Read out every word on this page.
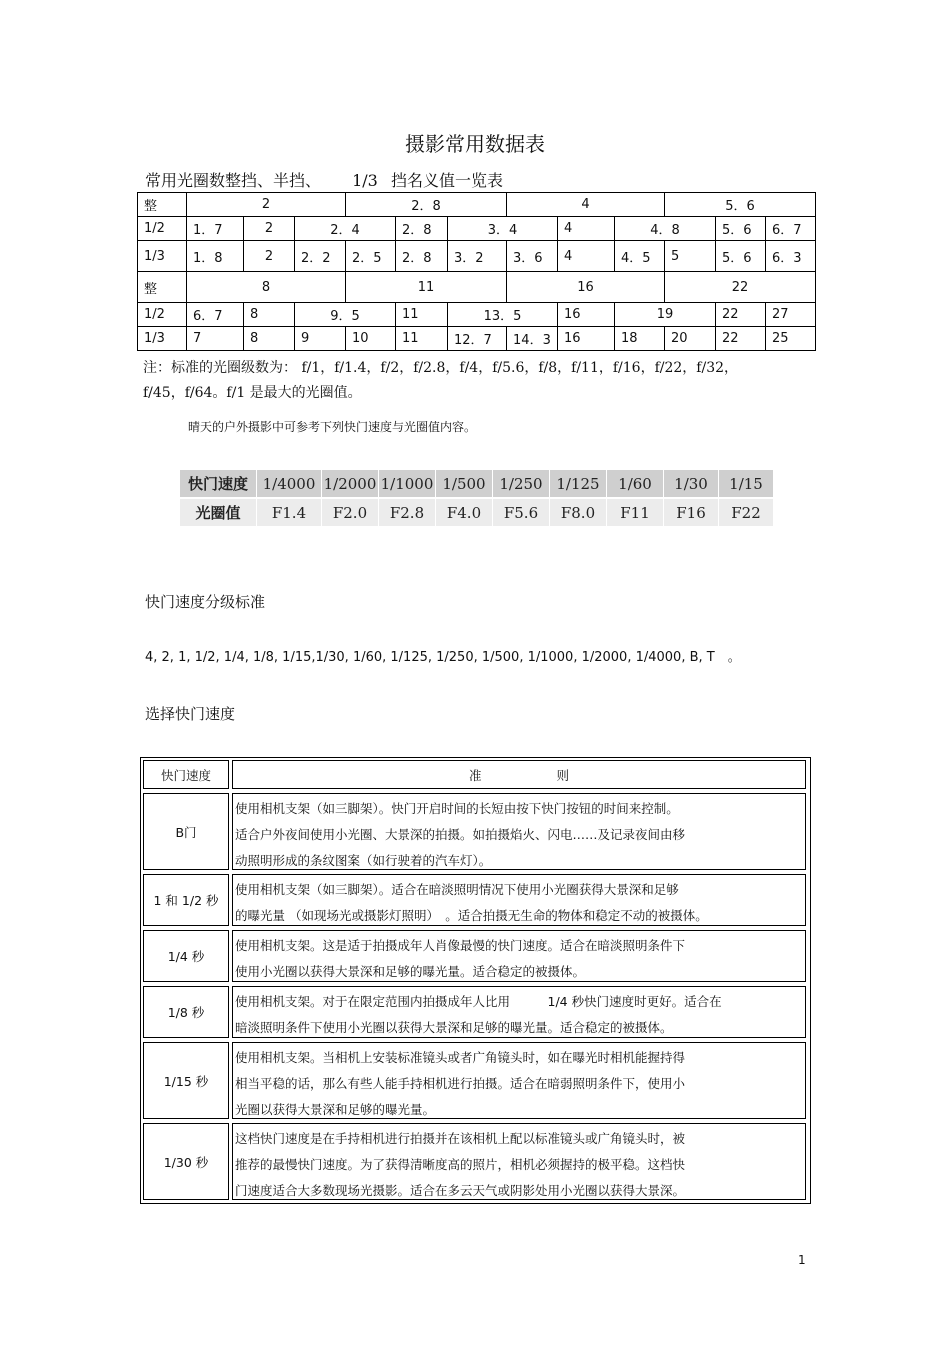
摄影常用数据表
常用光圈数整挡、半挡、 1/3 挡名义值一览表
整	2			2．8			4			5．6		
1/2	1．7	2	2．4		2．8	3．4		4	4．8		5．6	6．7
1/3	1．8	2	2．2	2．5	2．8	3．2	3．6	4	4．5	5	5．6	6．3
整	8			11			16			22		
1/2	6．7	8	9．5		11	13．5		16	19		22	27
1/3	7	8	9	10	11	12．7	14．3	16	18	20	22	25
注：标准的光圈级数为： f/1，f/1.4，f/2，f/2.8，f/4，f/5.6，f/8，f/11，f/16，f/22，f/32，
f/45，f/64。f/1 是最大的光圈值。
晴天的户外摄影中可参考下列快门速度与光圈值内容。
快门速度	1/4000	1/2000	1/1000	1/500	1/250	1/125	1/60	1/30	1/15
光圈值	F1.4	F2.0	F2.8	F4.0	F5.6	F8.0	F11	F16	F22
快门速度分级标准
4, 2, 1, 1/2, 1/4, 1/8, 1/15,1/30, 1/60, 1/125, 1/250, 1/500, 1/1000, 1/2000, 1/4000, B, T　。
选择快门速度
快门速度	准　　　　　　则
B门
使用相机支架（如三脚架）。快门开启时间的长短由按下快门按钮的时间来控制。
适合户外夜间使用小光圈、大景深的拍摄。如拍摄焰火、闪电……及记录夜间由移
动照明形成的条纹图案（如行驶着的汽车灯）。
1 和 1/2 秒
使用相机支架（如三脚架）。适合在暗淡照明情况下使用小光圈获得大景深和足够
的曝光量 （如现场光或摄影灯照明）　。适合拍摄无生命的物体和稳定不动的被摄体。
1/4 秒
使用相机支架。这是适于拍摄成年人肖像最慢的快门速度。适合在暗淡照明条件下
使用小光圈以获得大景深和足够的曝光量。适合稳定的被摄体。
1/8 秒
使用相机支架。对于在限定范围内拍摄成年人比用　　　1/4 秒快门速度时更好。适合在
暗淡照明条件下使用小光圈以获得大景深和足够的曝光量。适合稳定的被摄体。
1/15 秒
使用相机支架。当相机上安装标准镜头或者广角镜头时，如在曝光时相机能握持得
相当平稳的话，那么有些人能手持相机进行拍摄。适合在暗弱照明条件下，使用小
光圈以获得大景深和足够的曝光量。
1/30 秒
这档快门速度是在手持相机进行拍摄并在该相机上配以标准镜头或广角镜头时，被
推荐的最慢快门速度。为了获得清晰度高的照片，相机必须握持的极平稳。这档快
门速度适合大多数现场光摄影。适合在多云天气或阴影处用小光圈以获得大景深。
1
